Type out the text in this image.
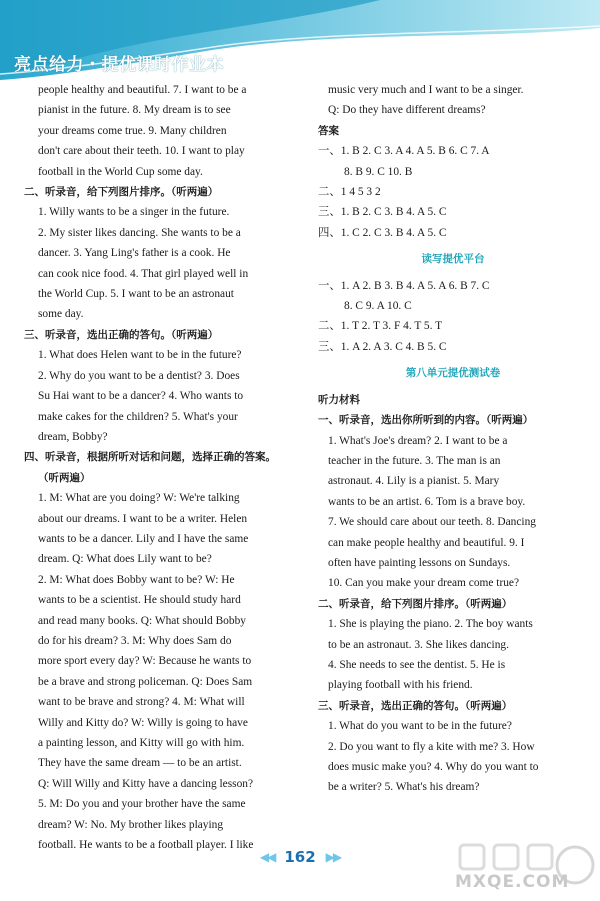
亮点给力・提优课时作业本

people healthy and beautiful. 7. I want to be a

pianist in the future. 8. My dream is to see

your dreams come true. 9. Many children

don't care about their teeth. 10. I want to play

football in the World Cup some day.

二、听录音，给下列图片排序。（听两遍）

1. Willy wants to be a singer in the future.

2. My sister likes dancing. She wants to be a

dancer. 3. Yang Ling's father is a cook. He

can cook nice food. 4. That girl played well in

the World Cup. 5. I want to be an astronaut

some day.

三、听录音，选出正确的答句。（听两遍）

1. What does Helen want to be in the future?

2. Why do you want to be a dentist? 3. Does

Su Hai want to be a dancer? 4. Who wants to

make cakes for the children? 5. What's your

dream, Bobby?

四、听录音，根据所听对话和问题，选择正确的答案。

（听两遍）

1. M: What are you doing? W: We're talking

about our dreams. I want to be a writer. Helen

wants to be a dancer. Lily and I have the same

dream. Q: What does Lily want to be?

2. M: What does Bobby want to be? W: He

wants to be a scientist. He should study hard

and read many books. Q: What should Bobby

do for his dream? 3. M: Why does Sam do

more sport every day? W: Because he wants to

be a brave and strong policeman. Q: Does Sam

want to be brave and strong? 4. M: What will

Willy and Kitty do? W: Willy is going to have

a painting lesson, and Kitty will go with him.

They have the same dream — to be an artist.

Q: Will Willy and Kitty have a dancing lesson?

5. M: Do you and your brother have the same

dream? W: No. My brother likes playing

football. He wants to be a football player. I like

music very much and I want to be a singer.

Q: Do they have different dreams?

答案

一、1. B 2. C 3. A 4. A 5. B 6. C 7. A

8. B 9. C 10. B

二、1 4 5 3 2

三、1. B 2. C 3. B 4. A 5. C

四、1. C 2. C 3. B 4. A 5. C

读写提优平台

一、1. A 2. B 3. B 4. A 5. A 6. B 7. C

8. C 9. A 10. C

二、1. T 2. T 3. F 4. T 5. T

三、1. A 2. A 3. C 4. B 5. C

第八单元提优测试卷

听力材料

一、听录音，选出你所听到的内容。（听两遍）

1. What's Joe's dream? 2. I want to be a

teacher in the future. 3. The man is an

astronaut. 4. Lily is a pianist. 5. Mary

wants to be an artist. 6. Tom is a brave boy.

7. We should care about our teeth. 8. Dancing

can make people healthy and beautiful. 9. I

often have painting lessons on Sundays.

10. Can you make your dream come true?

二、听录音，给下列图片排序。（听两遍）

1. She is playing the piano. 2. The boy wants

to be an astronaut. 3. She likes dancing.

4. She needs to see the dentist. 5. He is

playing football with his friend.

三、听录音，选出正确的答句。（听两遍）

1. What do you want to be in the future?

2. Do you want to fly a kite with me? 3. How

does music make you? 4. Why do you want to

be a writer? 5. What's his dream?

◀◀ 162 ▶▶
MXQE.COM
